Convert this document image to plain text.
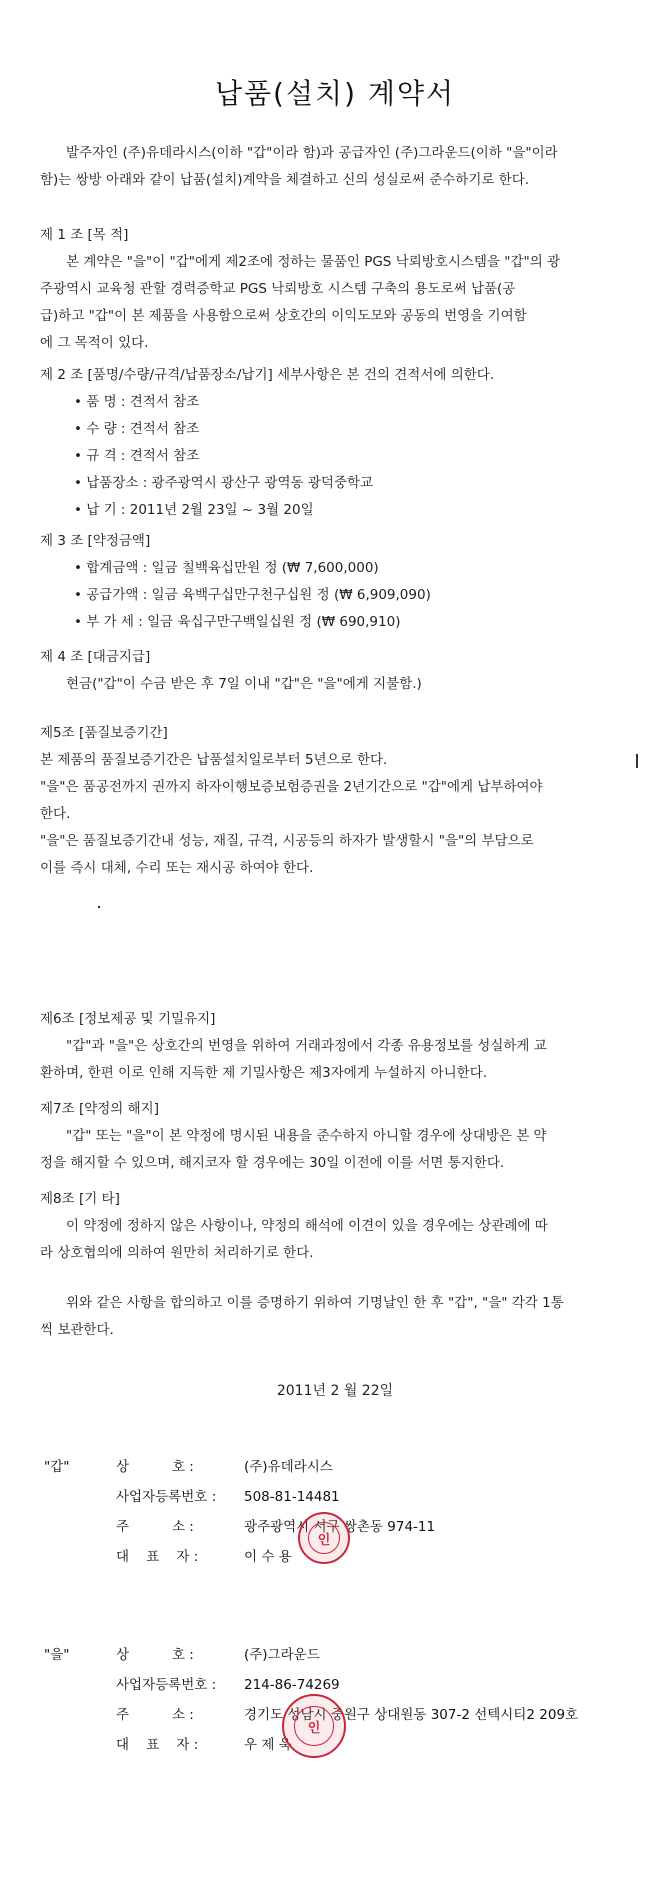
납품(설치) 계약서
발주자인 (주)유데라시스(이하 "갑"이라 함)과 공급자인 (주)그라운드(이하 "을"이라
함)는 쌍방 아래와 같이 납품(설치)계약을 체결하고 신의 성실로써 준수하기로 한다.
제 1 조 [목 적]
본 계약은 "을"이 "갑"에게 제2조에 정하는 물품인 PGS 낙뢰방호시스템을 "갑"의 광
주광역시 교육청 관할 경력증학교 PGS 낙뢰방호 시스템 구축의 용도로써 납품(공
급)하고 "갑"이 본 제품을 사용함으로써 상호간의 이익도모와 공동의 번영을 기여함
에 그 목적이 있다.
제 2 조 [품명/수량/규격/납품장소/납기] 세부사항은 본 건의 견적서에 의한다.
• 품 명 : 견적서 참조
• 수 량 : 견적서 참조
• 규 격 : 견적서 참조
• 납품장소 : 광주광역시 광산구 광역동 광덕중학교
• 납 기 : 2011년 2월 23일 ~ 3월 20일
제 3 조 [약정금액]
• 합계금액 : 일금 칠백육십만원 정 (₩ 7,600,000)
• 공급가액 : 일금 육백구십만구천구십원 정 (₩ 6,909,090)
• 부 가 세 : 일금 육십구만구백일십원 정 (₩ 690,910)
제 4 조 [대금지급]
현금("갑"이 수금 받은 후 7일 이내 "갑"은 "을"에게 지불함.)
제5조 [품질보증기간]
본 제품의 품질보증기간은 납품설치일로부터 5년으로 한다.
"을"은 품공전까지 권까지 하자이행보증보험증권을 2년기간으로 "갑"에게 납부하여야
한다.
"을"은 품질보증기간내 성능, 재질, 규격, 시공등의 하자가 발생할시 "을"의 부담으로
이를 즉시 대체, 수리 또는 재시공 하여야 한다.
제6조 [정보제공 및 기밀유지]
"갑"과 "을"은 상호간의 번영을 위하여 거래과정에서 각종 유용정보를 성실하게 교
환하며, 한편 이로 인해 지득한 제 기밀사항은 제3자에게 누설하지 아니한다.
제7조 [약정의 해지]
"갑" 또는 "을"이 본 약정에 명시된 내용을 준수하지 아니할 경우에 상대방은 본 약
정을 해지할 수 있으며, 해지코자 할 경우에는 30일 이전에 이를 서면 통지한다.
제8조 [기 타]
이 약정에 정하지 않은 사항이나, 약정의 해석에 이견이 있을 경우에는 상관례에 따
라 상호협의에 의하여 원만히 처리하기로 한다.
위와 같은 사항을 합의하고 이를 증명하기 위하여 기명날인 한 후 "갑", "을" 각각 1통
씩 보관한다.
2011년 2 월 22일
"갑"	상          호 :	(주)유데라시스
사업자등록번호 : 508-81-14481
주          소 :	광주광역시 서구 쌍촌동 974-11
대    표    자 :	이 수 용
인
"을"	상          호 :	(주)그라운드
사업자등록번호 : 214-86-74269
주          소 :	경기도 성남시 중원구 상대원동 307-2 선텍시티2 209호
대    표    자 :	우 제 욱
인
